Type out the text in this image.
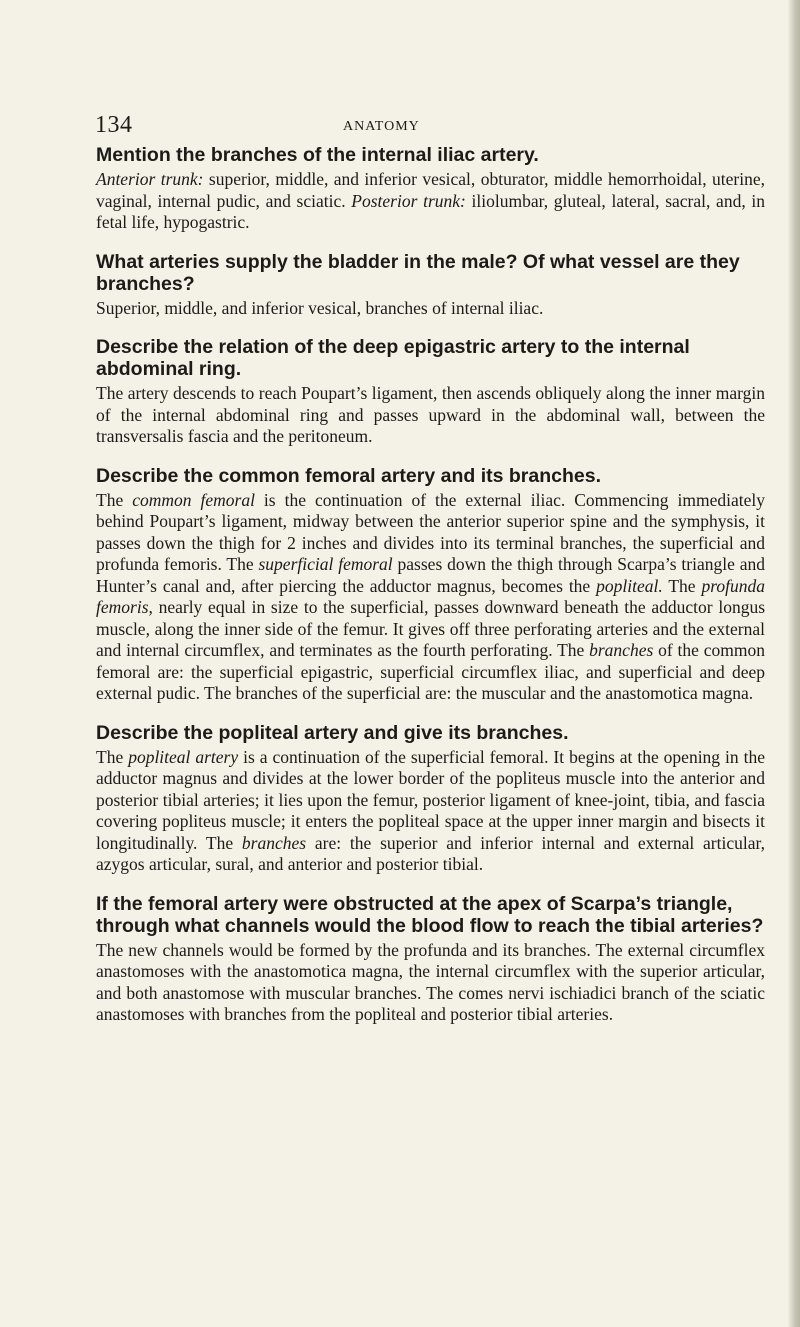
134	ANATOMY

Mention the branches of the internal iliac artery.

Anterior trunk: superior, middle, and inferior vesical, obturator, middle hemorrhoidal, uterine, vaginal, internal pudic, and sciatic. Posterior trunk: iliolumbar, gluteal, lateral, sacral, and, in fetal life, hypogastric.

What arteries supply the bladder in the male? Of what vessel are they branches?

Superior, middle, and inferior vesical, branches of internal iliac.

Describe the relation of the deep epigastric artery to the internal abdominal ring.

The artery descends to reach Poupart’s ligament, then ascends obliquely along the inner margin of the internal abdominal ring and passes upward in the abdominal wall, between the transversalis fascia and the peritoneum.

Describe the common femoral artery and its branches.

The common femoral is the continuation of the external iliac. Commencing immediately behind Poupart’s ligament, midway between the anterior superior spine and the symphysis, it passes down the thigh for 2 inches and divides into its terminal branches, the superficial and profunda femoris. The superficial femoral passes down the thigh through Scarpa’s triangle and Hunter’s canal and, after piercing the adductor magnus, becomes the popliteal. The profunda femoris, nearly equal in size to the superficial, passes downward beneath the adductor longus muscle, along the inner side of the femur. It gives off three perforating arteries and the external and internal circumflex, and terminates as the fourth perforating. The branches of the common femoral are: the superficial epigastric, superficial circumflex iliac, and superficial and deep external pudic. The branches of the superficial are: the muscular and the anastomotica magna.

Describe the popliteal artery and give its branches.

The popliteal artery is a continuation of the superficial femoral. It begins at the opening in the adductor magnus and divides at the lower border of the popliteus muscle into the anterior and posterior tibial arteries; it lies upon the femur, posterior ligament of knee-joint, tibia, and fascia covering popliteus muscle; it enters the popliteal space at the upper inner margin and bisects it longitudinally. The branches are: the superior and inferior internal and external articular, azygos articular, sural, and anterior and posterior tibial.

If the femoral artery were obstructed at the apex of Scarpa’s triangle, through what channels would the blood flow to reach the tibial arteries?

The new channels would be formed by the profunda and its branches. The external circumflex anastomoses with the anastomotica magna, the internal circumflex with the superior articular, and both anastomose with muscular branches. The comes nervi ischiadici branch of the sciatic anastomoses with branches from the popliteal and posterior tibial arteries.
